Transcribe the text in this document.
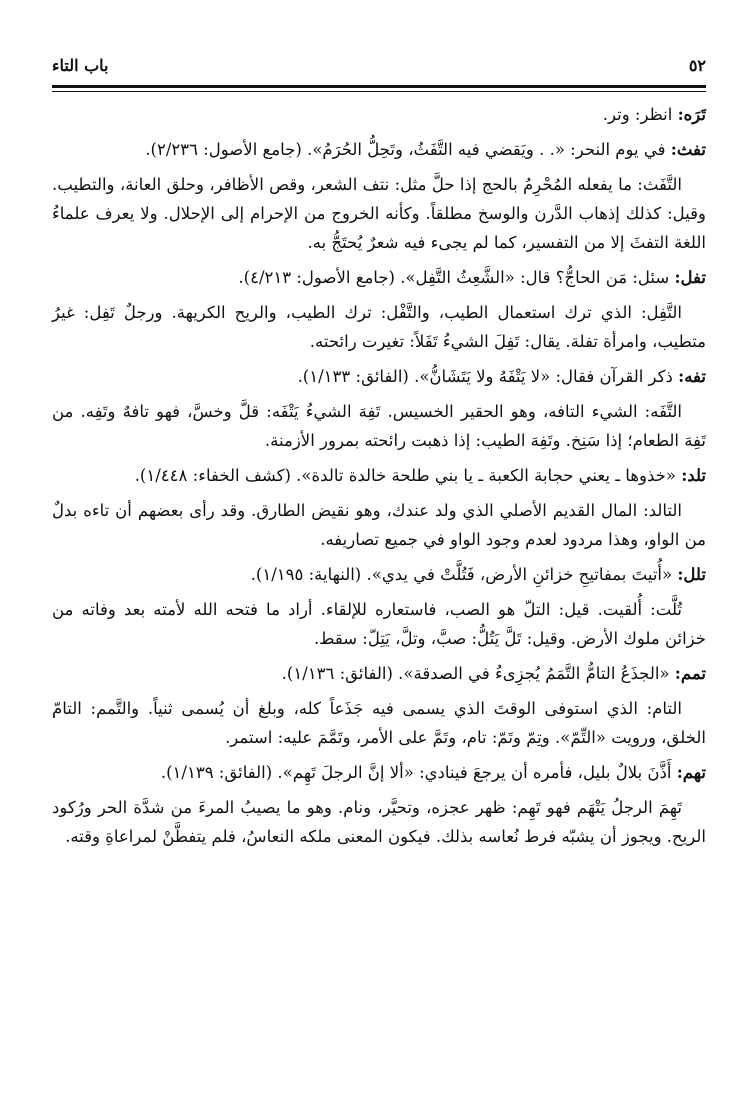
٥٢
باب التاء

تَرَه: انظر: وتر.

تفث: في يوم النحر: «. . ويَقضي فيه التَّفَثُ، وتَحِلُّ الحُرَمُ». (جامع الأصول: ٢/٢٣٦).

التَّفَث: ما يفعله المُحْرِمُ بالحج إذا حلَّ مثل: نتف الشعر، وقص الأظافر، وحلق العانة، والتطيب. وقيل: كذلك إذهاب الدَّرن والوسخ مطلقاً. وكأنه الخروج من الإحرام إلى الإحلال. ولا يعرف علماءُ اللغة التفثَ إلا من التفسير، كما لم يجىء فيه شعرٌ يُحتَجُّ به.

تفل: سئل: مَن الحاجُّ؟ قال: «الشَّعِثُ التَّفِل». (جامع الأصول: ٤/٢١٣).

التَّفِل: الذي ترك استعمال الطيب، والتَّفْل: ترك الطيب، والريح الكريهة. ورجلٌ تَفِل: غيرُ متطيب، وامرأة تفلة. يقال: تَفِلَ الشيءُ تَفَلاً: تغيرت رائحته.

تفه: ذكر القرآن فقال: «لا يَتْفَهُ ولا يَتَشَانُّ». (الفائق: ١/١٣٣).

التَّفَه: الشيء التافه، وهو الحقير الخسيس. تَفِهَ الشيءُ يَتْفَه: قلَّ وخسَّ، فهو تافهٌ وتَفِه. من تَفِهَ الطعام؛ إذا سَنِخ. وتَفِهَ الطيب: إذا ذهبت رائحته بمرور الأزمنة.

تلد: «خذوها ـ يعني حجابة الكعبة ـ يا بني طلحة خالدة تالدة». (كشف الخفاء: ١/٤٤٨).

التالد: المال القديم الأصلي الذي ولد عندك، وهو نقيض الطارق. وقد رأى بعضهم أن تاءه بدلٌ من الواو، وهذا مردود لعدم وجود الواو في جميع تصاريفه.

تلل: «أُتيتَ بمفاتيحِ خزائنِ الأرض، فَتُلَّتْ في يدي». (النهاية: ١/١٩٥).

تُلَّت: أُلقيت. قيل: التلّ هو الصب، فاستعاره للإلقاء. أراد ما فتحه الله لأمته بعد وفاته من خزائن ملوك الأرض. وقيل: تَلَّ يَتُلُّ: صبَّ، وتلَّ، يَتِلّ: سقط.

تمم: «الجذَعُ التامُّ التَّمَمُ يُجزِىءُ في الصدقة». (الفائق: ١/١٣٦).

التام: الذي استوفى الوقتَ الذي يسمى فيه جَذَعاً كله، وبلغ أن يُسمى ثنياً. والتَّمم: التامّ الخلق، ورويت «التِّمّ». وتِمّ وتَمّ: تام، وتَمَّ على الأمر، وتَمَّمَ عليه: استمر.

تهم: أَذَّنَ بلالٌ بليل، فأمره أن يرجعَ فينادي: «ألا إنَّ الرجلَ تَهِم». (الفائق: ١/١٣٩).

تَهِمَ الرجلُ يَتْهَم فهو تَهِم: ظهر عجزه، وتحيَّر، ونام. وهو ما يصيبُ المرءَ من شدَّة الحر ورُكود الريح. ويجوز أن يشبّه فرط نُعاسه بذلك. فيكون المعنى ملكه النعاسُ، فلم يتفطَّنْ لمراعاةِ وقته.
